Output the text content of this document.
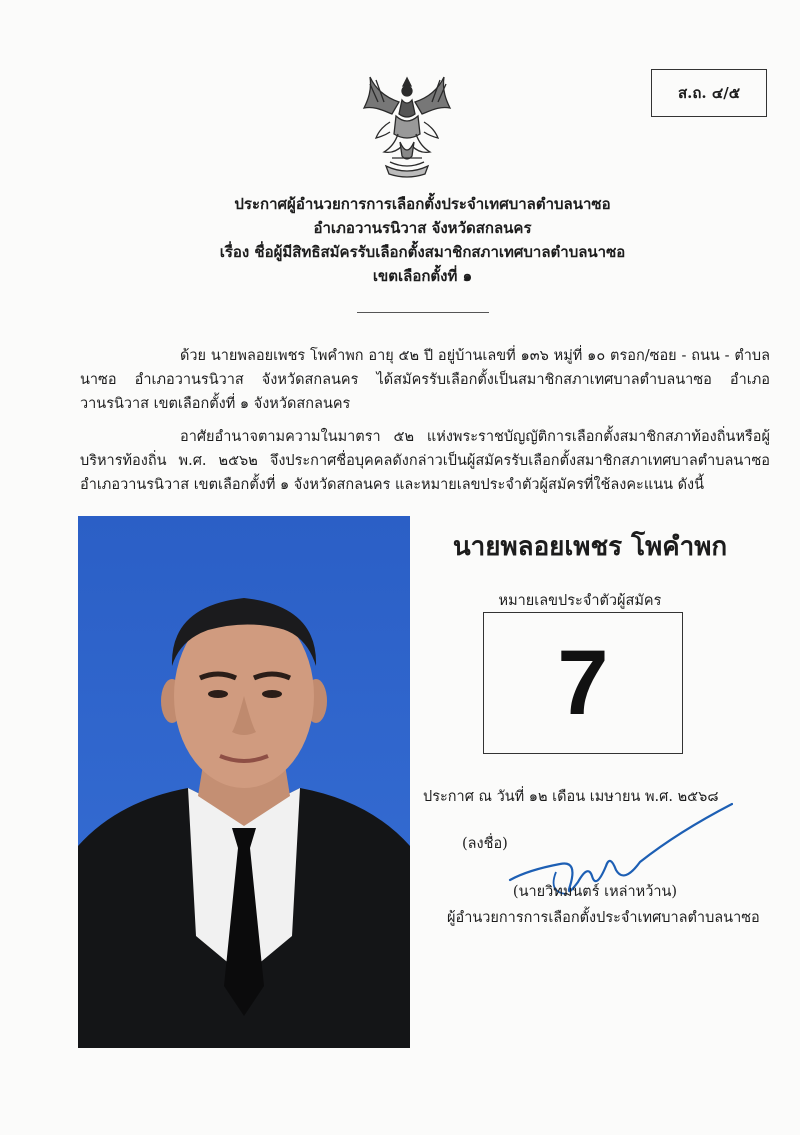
ส.ถ. ๔/๕
ประกาศผู้อำนวยการการเลือกตั้งประจำเทศบาลตำบลนาซอ
อำเภอวานรนิวาส จังหวัดสกลนคร
เรื่อง ชื่อผู้มีสิทธิสมัครรับเลือกตั้งสมาชิกสภาเทศบาลตำบลนาซอ
เขตเลือกตั้งที่ ๑
ด้วย นายพลอยเพชร โพคำพก อายุ ๕๒ ปี อยู่บ้านเลขที่ ๑๓๖ หมู่ที่ ๑๐ ตรอก/ซอย - ถนน - ตำบลนาซอ อำเภอวานรนิวาส จังหวัดสกลนคร ได้สมัครรับเลือกตั้งเป็นสมาชิกสภาเทศบาลตำบลนาซอ อำเภอวานรนิวาส เขตเลือกตั้งที่ ๑ จังหวัดสกลนคร
อาศัยอำนาจตามความในมาตรา ๕๒ แห่งพระราชบัญญัติการเลือกตั้งสมาชิกสภาท้องถิ่นหรือผู้บริหารท้องถิ่น พ.ศ. ๒๕๖๒ จึงประกาศชื่อบุคคลดังกล่าวเป็นผู้สมัครรับเลือกตั้งสมาชิกสภาเทศบาลตำบลนาซอ อำเภอวานรนิวาส เขตเลือกตั้งที่ ๑ จังหวัดสกลนคร และหมายเลขประจำตัวผู้สมัครที่ใช้ลงคะแนน ดังนี้
นายพลอยเพชร โพคำพก
หมายเลขประจำตัวผู้สมัคร
7
ประกาศ ณ วันที่ ๑๒ เดือน เมษายน พ.ศ. ๒๕๖๘
(ลงชื่อ)
(นายวิทมนตร์ เหล่าหว้าน)
ผู้อำนวยการการเลือกตั้งประจำเทศบาลตำบลนาซอ
